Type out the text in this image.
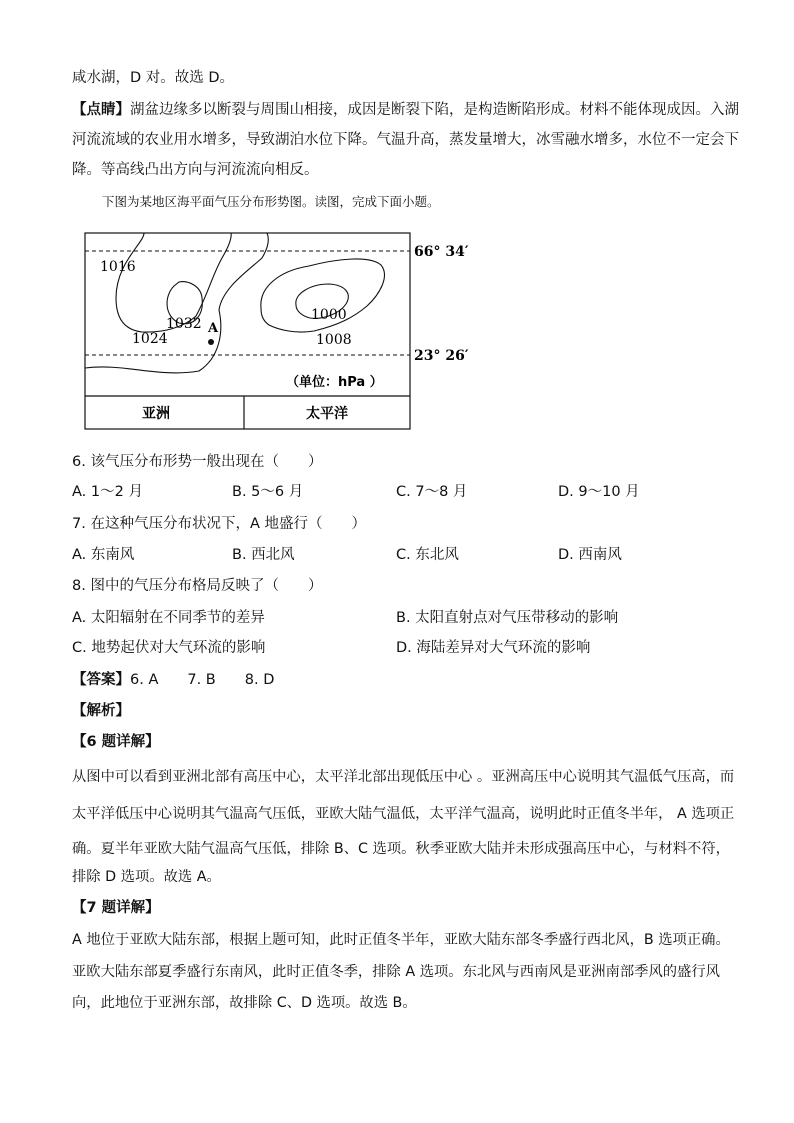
咸水湖，D 对。故选 D。
【点睛】湖盆边缘多以断裂与周围山相接，成因是断裂下陷，是构造断陷形成。材料不能体现成因。入湖
河流流域的农业用水增多，导致湖泊水位下降。气温升高，蒸发量增大，冰雪融水增多，水位不一定会下
降。等高线凸出方向与河流流向相反。
下图为某地区海平面气压分布形势图。读图，完成下面小题。
1016
1032
1024
1000
1008
A
（单位：hPa ）
亚洲	太平洋
66° 34′
23° 26′
6. 该气压分布形势一般出现在（　　）
A. 1～2 月	B. 5～6 月	C. 7～8 月	D. 9～10 月
7. 在这种气压分布状况下，A 地盛行（　　）
A. 东南风	B. 西北风	C. 东北风	D. 西南风
8. 图中的气压分布格局反映了（　　）
A. 太阳辐射在不同季节的差异	B. 太阳直射点对气压带移动的影响
C. 地势起伏对大气环流的影响	D. 海陆差异对大气环流的影响
【答案】6. A　　7. B　　8. D
【解析】
【6 题详解】
从图中可以看到亚洲北部有高压中心，太平洋北部出现低压中心 。亚洲高压中心说明其气温低气压高，而
太平洋低压中心说明其气温高气压低，亚欧大陆气温低，太平洋气温高，说明此时正值冬半年， A 选项正
确。夏半年亚欧大陆气温高气压低，排除 B、C 选项。秋季亚欧大陆并未形成强高压中心，与材料不符，
排除 D 选项。故选 A。
【7 题详解】
A 地位于亚欧大陆东部，根据上题可知，此时正值冬半年，亚欧大陆东部冬季盛行西北风，B 选项正确。
亚欧大陆东部夏季盛行东南风，此时正值冬季，排除 A 选项。东北风与西南风是亚洲南部季风的盛行风
向，此地位于亚洲东部，故排除 C、D 选项。故选 B。
